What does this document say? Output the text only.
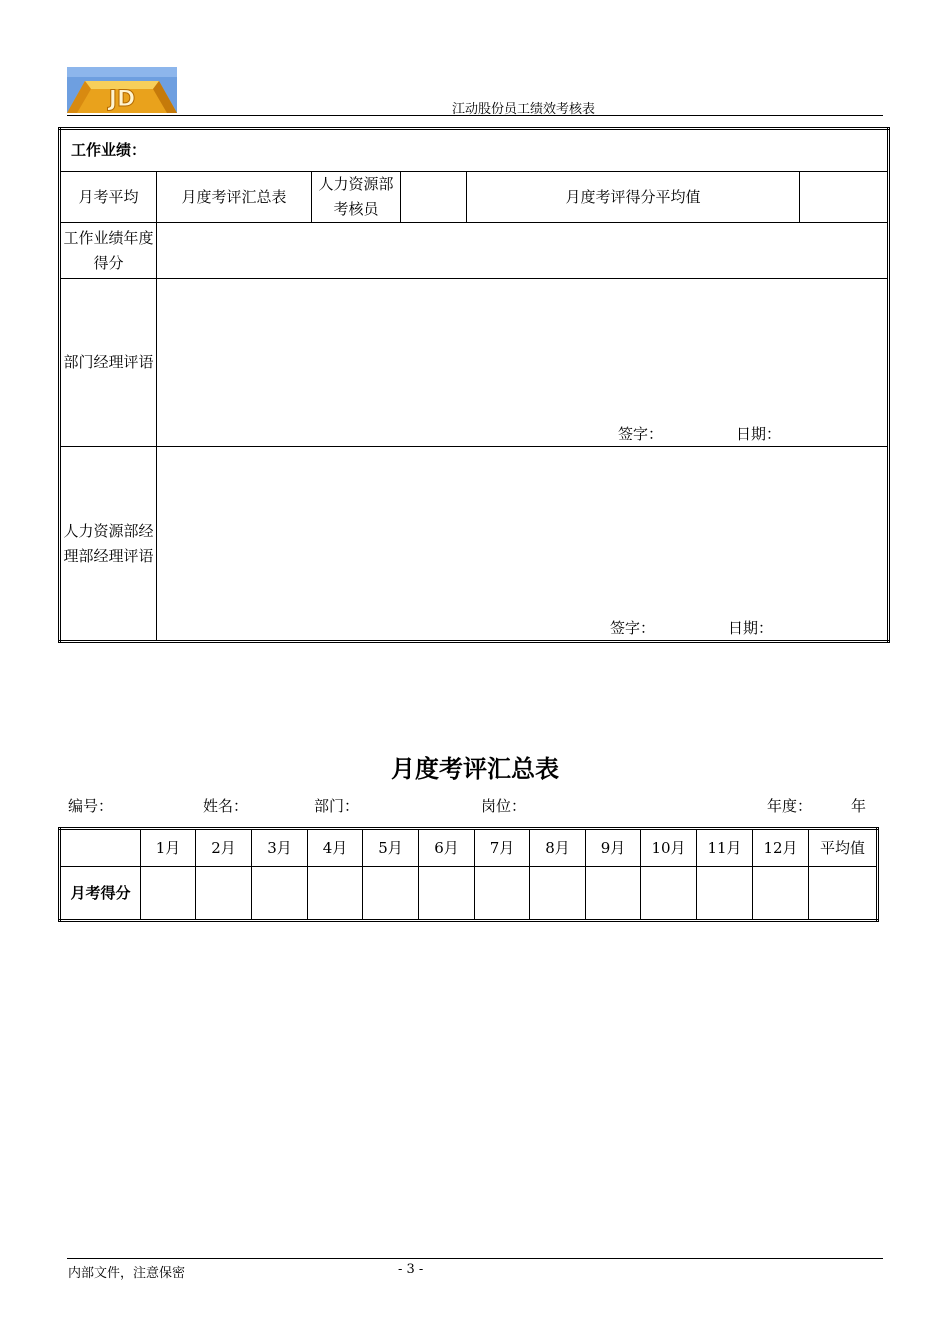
JD	江动股份员工绩效考核表
工作业绩：					
月考平均	月度考评汇总表	人力资源部考核员		月度考评得分平均值	
工作业绩年度得分					
部门经理评语	签字： 日期：				

人力资源部经理部经理评语	签字： 日期：				
月度考评汇总表
编号：	姓名：	部门：	岗位：	年度：	年
	1月	2月	3月	4月	5月	6月	7月	8月	9月	10月	11月	12月	平均值
月考得分													
内部文件，注意保密	- 3 -
